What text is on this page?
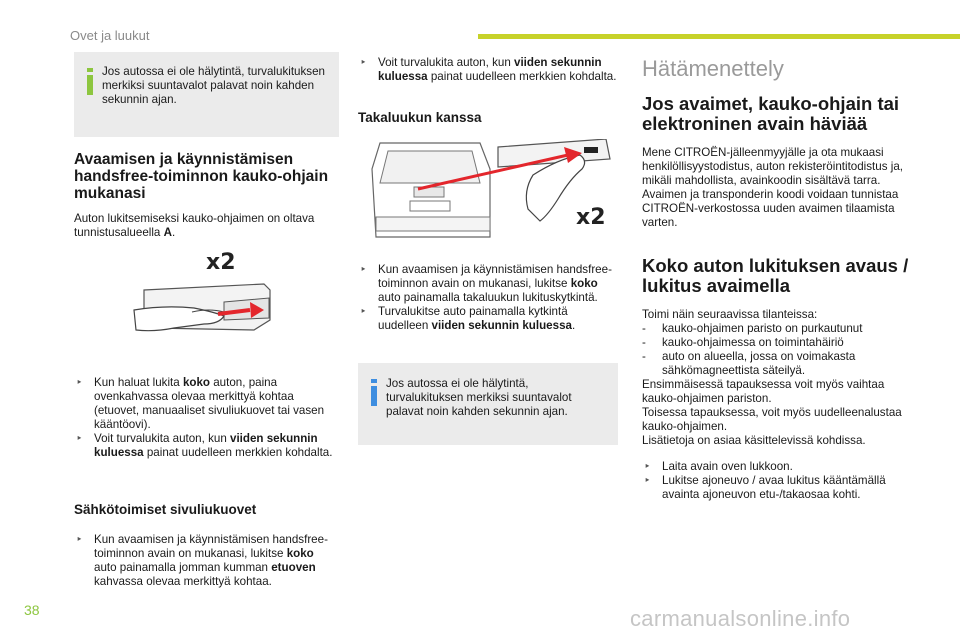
Ovet ja luukut

Jos autossa ei ole hälytintä, turvalukituksen merkiksi suuntavalot palavat noin kahden sekunnin ajan.

Avaamisen ja käynnistämisen handsfree-toiminnon kauko-ohjain mukanasi

Auton lukitsemiseksi kauko-ohjaimen on oltava tunnistusalueella A.

x2
‣ Kun haluat lukita koko auton, paina ovenkahvassa olevaa merkittyä kohtaa (etuovet, manuaaliset sivuliukuovet tai vasen kääntöovi).
‣ Voit turvalukita auton, kun viiden sekunnin kuluessa painat uudelleen merkkien kohdalta.
Sähkötoimiset sivuliukuovet
‣ Kun avaamisen ja käynnistämisen handsfree-toiminnon avain on mukanasi, lukitse koko auto painamalla jomman kumman etuoven kahvassa olevaa merkittyä kohtaa.
‣ Voit turvalukita auton, kun viiden sekunnin kuluessa painat uudelleen merkkien kohdalta.
Takaluukun kanssa
x2
‣ Kun avaamisen ja käynnistämisen handsfree-toiminnon avain on mukanasi, lukitse koko auto painamalla takaluukun lukituskytkintä.
‣ Turvalukitse auto painamalla kytkintä uudelleen viiden sekunnin kuluessa.

Jos autossa ei ole hälytintä, turvalukituksen merkiksi suuntavalot palavat noin kahden sekunnin ajan.

Hätämenettely
Jos avaimet, kauko-ohjain tai elektroninen avain häviää

Mene CITROËN-jälleenmyyjälle ja ota mukaasi henkilöllisyystodistus, auton rekisteröintitodistus ja, mikäli mahdollista, avainkoodin sisältävä tarra.

Avaimen ja transponderin koodi voidaan tunnistaa CITROËN-verkostossa uuden avaimen tilaamista varten.

Koko auton lukituksen avaus / lukitus avaimella

Toimi näin seuraavissa tilanteissa:

- kauko-ohjaimen paristo on purkautunut
- kauko-ohjaimessa on toimintahäiriö
- auto on alueella, jossa on voimakasta sähkömagneettista säteilyä.

Ensimmäisessä tapauksessa voit myös vaihtaa kauko-ohjaimen pariston.

Toisessa tapauksessa, voit myös uudelleenalustaa kauko-ohjaimen.

Lisätietoja on asiaa käsittelevissä kohdissa.

‣ Laita avain oven lukkoon.
‣ Lukitse ajoneuvo / avaa lukitus kääntämällä avainta ajoneuvon etu-/takaosaa kohti.
38	carmanualsonline.info
